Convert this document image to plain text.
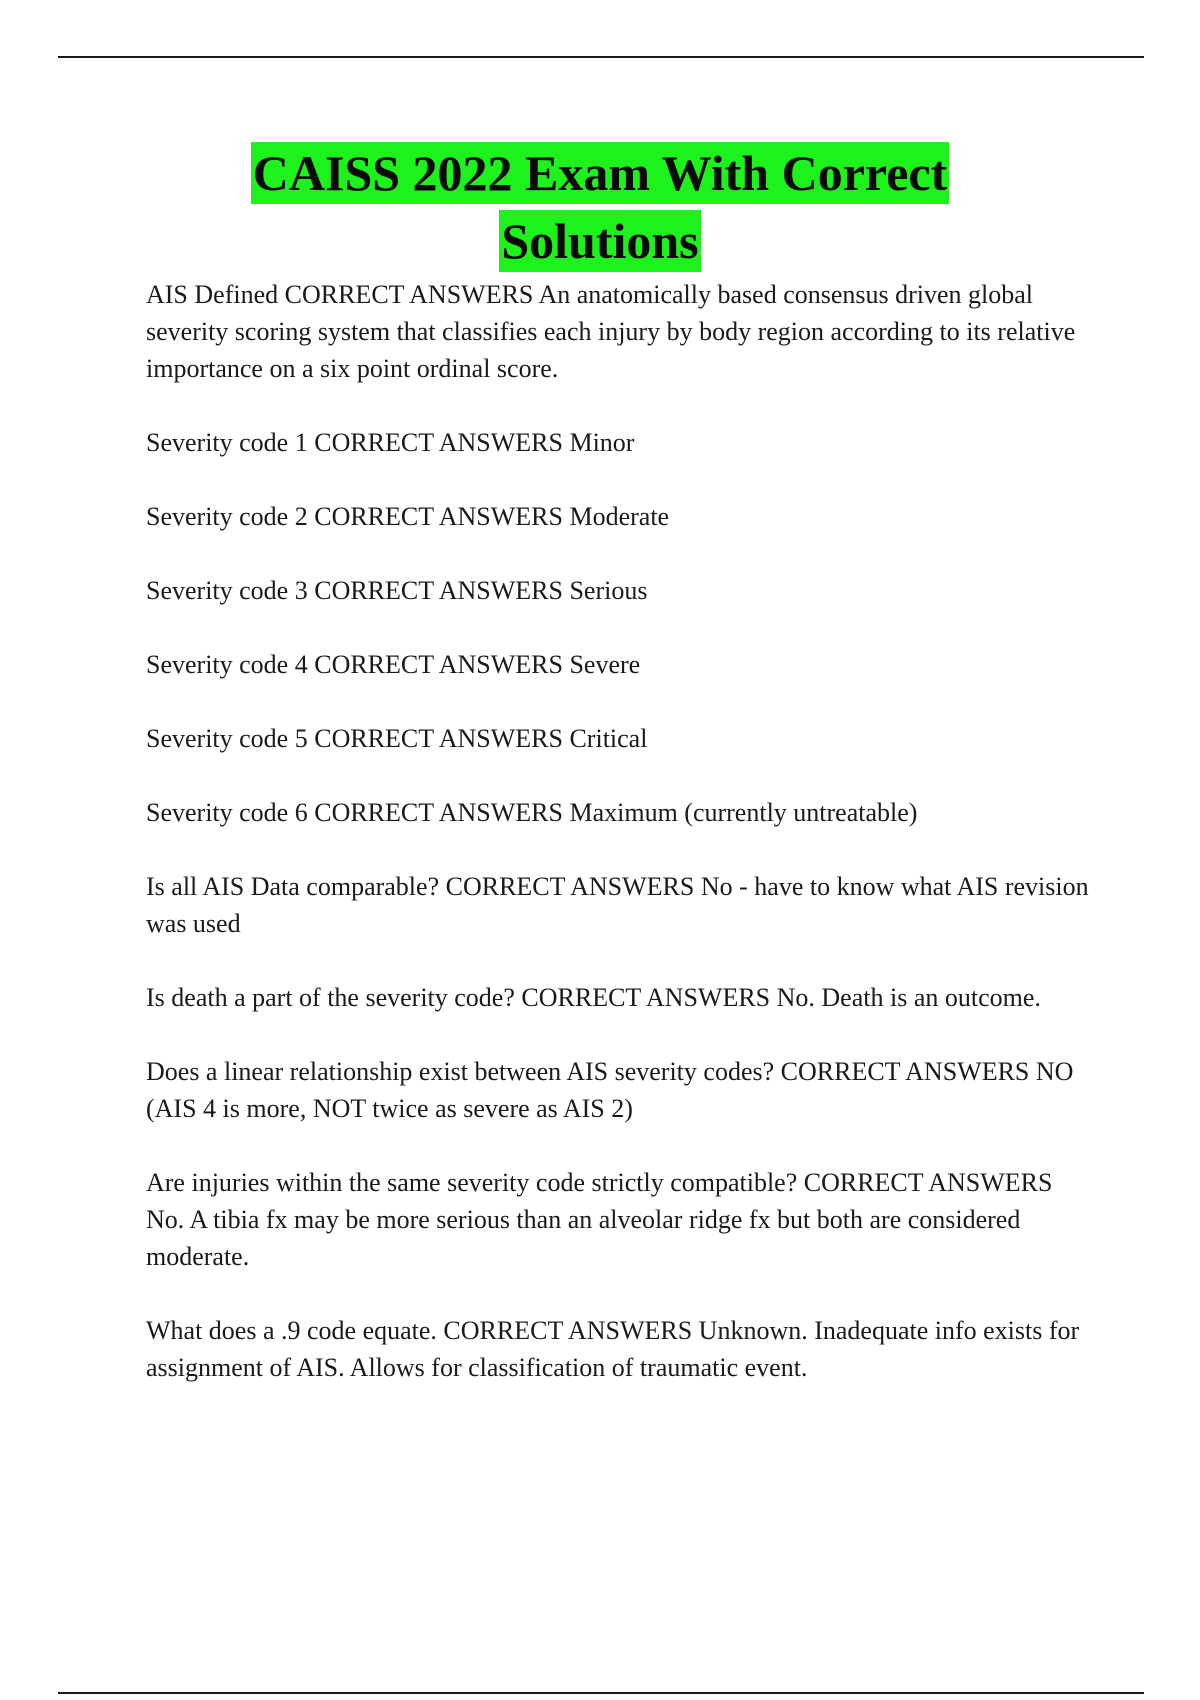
CAISS 2022 Exam With Correct
Solutions

AIS Defined CORRECT ANSWERS An anatomically based consensus driven global severity scoring system that classifies each injury by body region according to its relative importance on a six point ordinal score.

Severity code 1 CORRECT ANSWERS Minor

Severity code 2 CORRECT ANSWERS Moderate

Severity code 3 CORRECT ANSWERS Serious

Severity code 4 CORRECT ANSWERS Severe

Severity code 5 CORRECT ANSWERS Critical

Severity code 6 CORRECT ANSWERS Maximum (currently untreatable)

Is all AIS Data comparable? CORRECT ANSWERS No - have to know what AIS revision was used

Is death a part of the severity code? CORRECT ANSWERS No. Death is an outcome.

Does a linear relationship exist between AIS severity codes? CORRECT ANSWERS NO (AIS 4 is more, NOT twice as severe as AIS 2)

Are injuries within the same severity code strictly compatible? CORRECT ANSWERS No. A tibia fx may be more serious than an alveolar ridge fx but both are considered moderate.

What does a .9 code equate. CORRECT ANSWERS Unknown. Inadequate info exists for assignment of AIS. Allows for classification of traumatic event.
